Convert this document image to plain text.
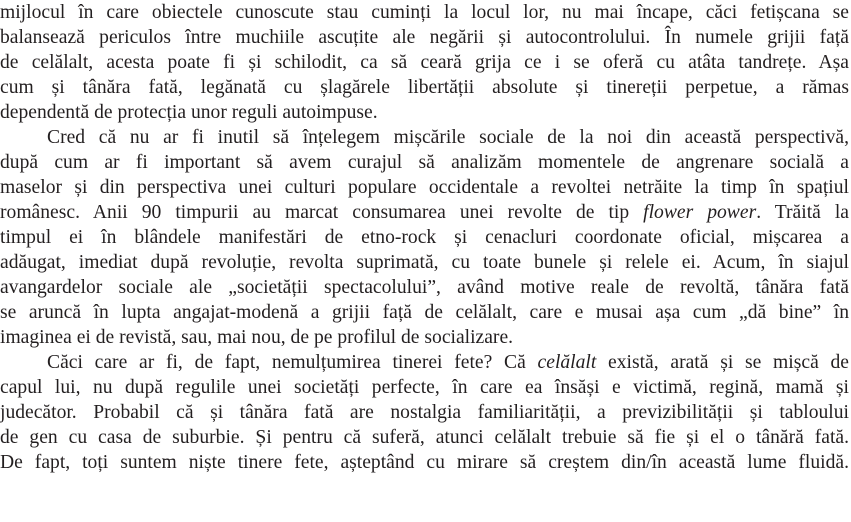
mijlocul în care obiectele cunoscute stau cuminți la locul lor, nu mai încape, căci fetișcana se
balansează periculos între muchiile ascuțite ale negării și autocontrolului. În numele grijii față
de celălalt, acesta poate fi și schilodit, ca să ceară grija ce i se oferă cu atâta tandrețe. Așa
cum și tânăra fată, legănată cu șlagărele libertății absolute și tinereții perpetue, a rămas
dependentă de protecția unor reguli autoimpuse.
Cred că nu ar fi inutil să înțelegem mișcările sociale de la noi din această perspectivă,
după cum ar fi important să avem curajul să analizăm momentele de angrenare socială a
maselor și din perspectiva unei culturi populare occidentale a revoltei netrăite la timp în spațiul
românesc. Anii 90 timpurii au marcat consumarea unei revolte de tip flower power. Trăită la
timpul ei în blândele manifestări de etno-rock și cenacluri coordonate oficial, mișcarea a
adăugat, imediat după revoluție, revolta suprimată, cu toate bunele și relele ei. Acum, în siajul
avangardelor sociale ale „societății spectacolului”, având motive reale de revoltă, tânăra fată
se aruncă în lupta angajat-modenă a grijii față de celălalt, care e musai așa cum „dă bine” în
imaginea ei de revistă, sau, mai nou, de pe profilul de socializare.
Căci care ar fi, de fapt, nemulțumirea tinerei fete? Că celălalt există, arată și se mișcă de
capul lui, nu după regulile unei societăți perfecte, în care ea însăși e victimă, regină, mamă și
judecător. Probabil că și tânăra fată are nostalgia familiarității, a previzibilității și tabloului
de gen cu casa de suburbie. Și pentru că suferă, atunci celălalt trebuie să fie și el o tânără fată.
De fapt, toți suntem niște tinere fete, așteptând cu mirare să creștem din/în această lume fluidă.
